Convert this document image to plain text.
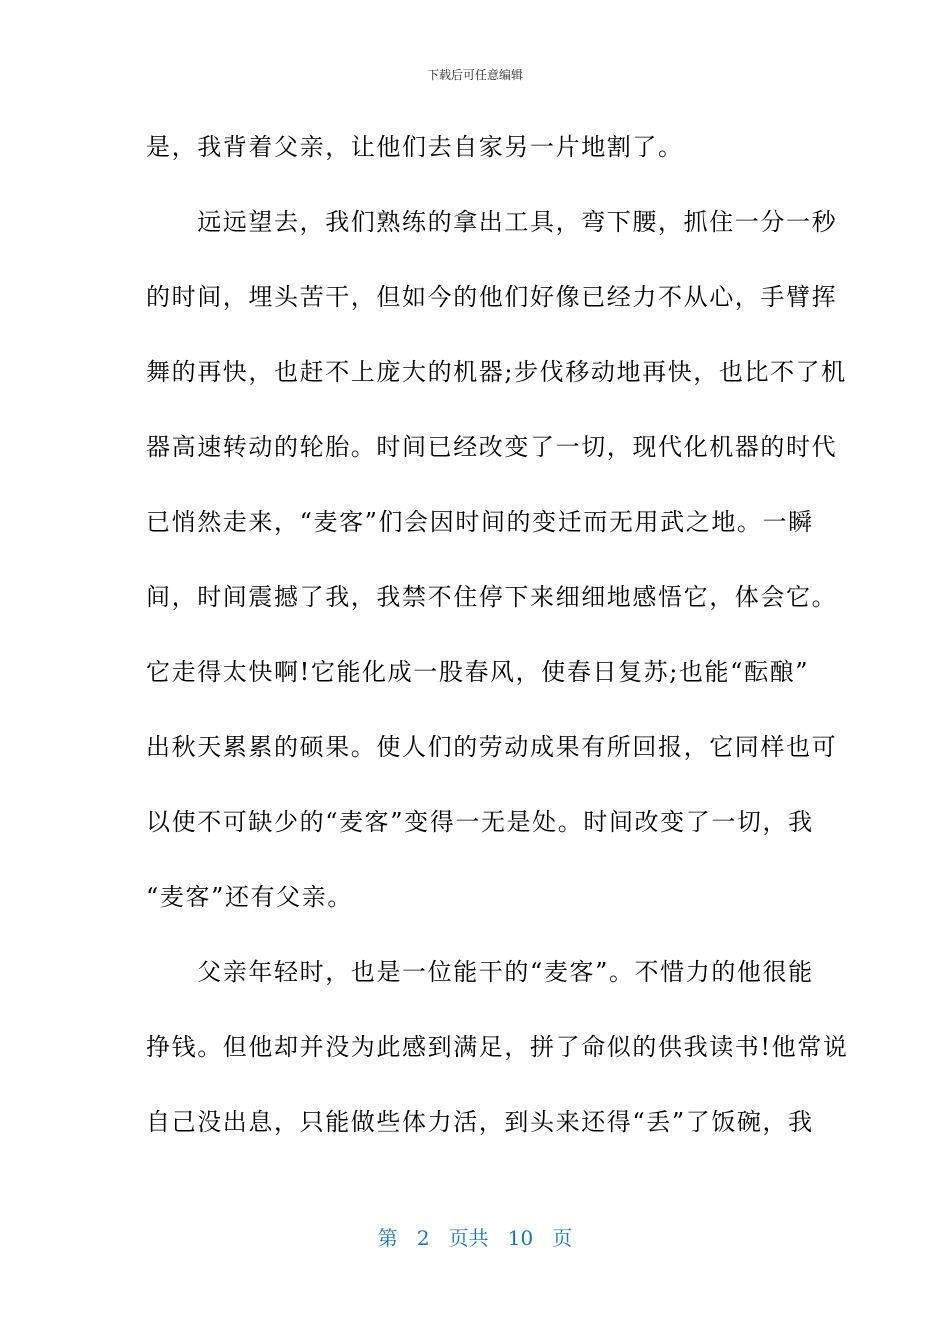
下载后可任意编辑
是，我背着父亲，让他们去自家另一片地割了。
　　远远望去，我们熟练的拿出工具，弯下腰，抓住一分一秒
的时间，埋头苦干，但如今的他们好像已经力不从心，手臂挥
舞的再快，也赶不上庞大的机器;步伐移动地再快，也比不了机
器高速转动的轮胎。时间已经改变了一切，现代化机器的时代
已悄然走来，“麦客”们会因时间的变迁而无用武之地。一瞬
间，时间震撼了我，我禁不住停下来细细地感悟它，体会它。
它走得太快啊!它能化成一股春风，使春日复苏;也能“酝酿”
出秋天累累的硕果。使人们的劳动成果有所回报，它同样也可
以使不可缺少的“麦客”变得一无是处。时间改变了一切，我
“麦客”还有父亲。
　　父亲年轻时，也是一位能干的“麦客”。不惜力的他很能
挣钱。但他却并没为此感到满足，拼了命似的供我读书!他常说
自己没出息，只能做些体力活，到头来还得“丢”了饭碗，我
第 2 页共 10 页
